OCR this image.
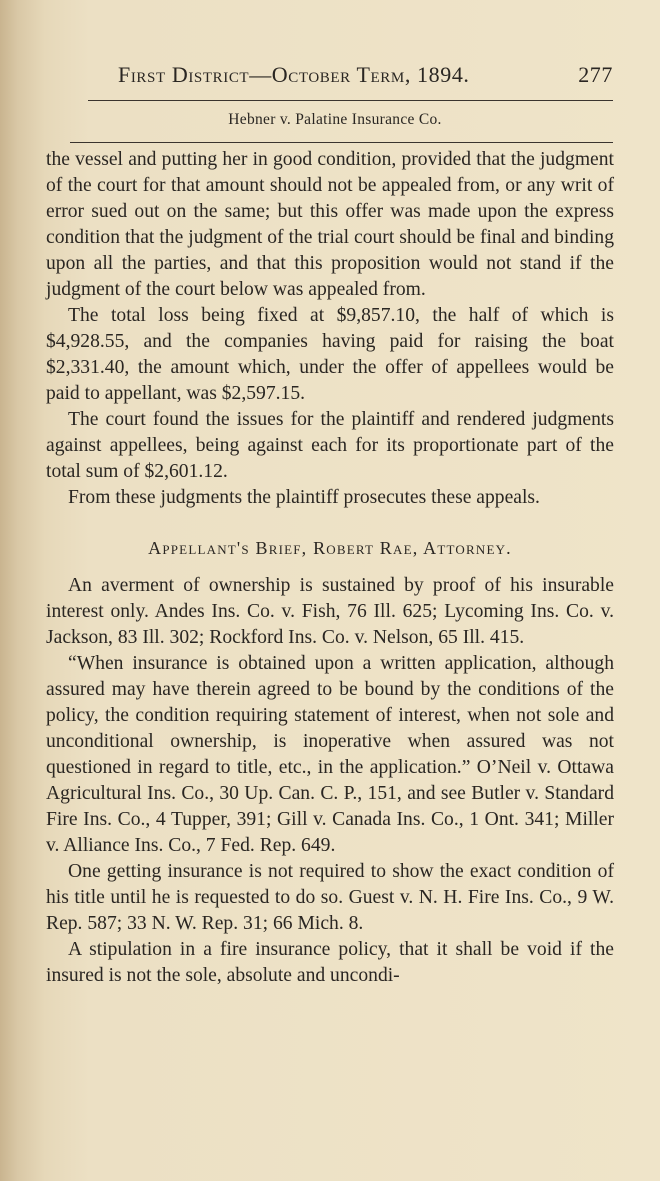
First District—October Term, 1894.	277
Hebner v. Palatine Insurance Co.

the vessel and putting her in good condition, provided that the judgment of the court for that amount should not be appealed from, or any writ of error sued out on the same; but this offer was made upon the express condition that the judgment of the trial court should be final and binding upon all the parties, and that this proposition would not stand if the judgment of the court below was appealed from.

The total loss being fixed at $9,857.10, the half of which is $4,928.55, and the companies having paid for raising the boat $2,331.40, the amount which, under the offer of appellees would be paid to appellant, was $2,597.15.

The court found the issues for the plaintiff and rendered judgments against appellees, being against each for its proportionate part of the total sum of $2,601.12.

From these judgments the plaintiff prosecutes these appeals.

Appellant's Brief, Robert Rae, Attorney.

An averment of ownership is sustained by proof of his insurable interest only. Andes Ins. Co. v. Fish, 76 Ill. 625; Lycoming Ins. Co. v. Jackson, 83 Ill. 302; Rockford Ins. Co. v. Nelson, 65 Ill. 415.

“When insurance is obtained upon a written application, although assured may have therein agreed to be bound by the conditions of the policy, the condition requiring statement of interest, when not sole and unconditional ownership, is inoperative when assured was not questioned in regard to title, etc., in the application.” O’Neil v. Ottawa Agricultural Ins. Co., 30 Up. Can. C. P., 151, and see Butler v. Standard Fire Ins. Co., 4 Tupper, 391; Gill v. Canada Ins. Co., 1 Ont. 341; Miller v. Alliance Ins. Co., 7 Fed. Rep. 649.

One getting insurance is not required to show the exact condition of his title until he is requested to do so. Guest v. N. H. Fire Ins. Co., 9 W. Rep. 587; 33 N. W. Rep. 31; 66 Mich. 8.

A stipulation in a fire insurance policy, that it shall be void if the insured is not the sole, absolute and uncondi-
